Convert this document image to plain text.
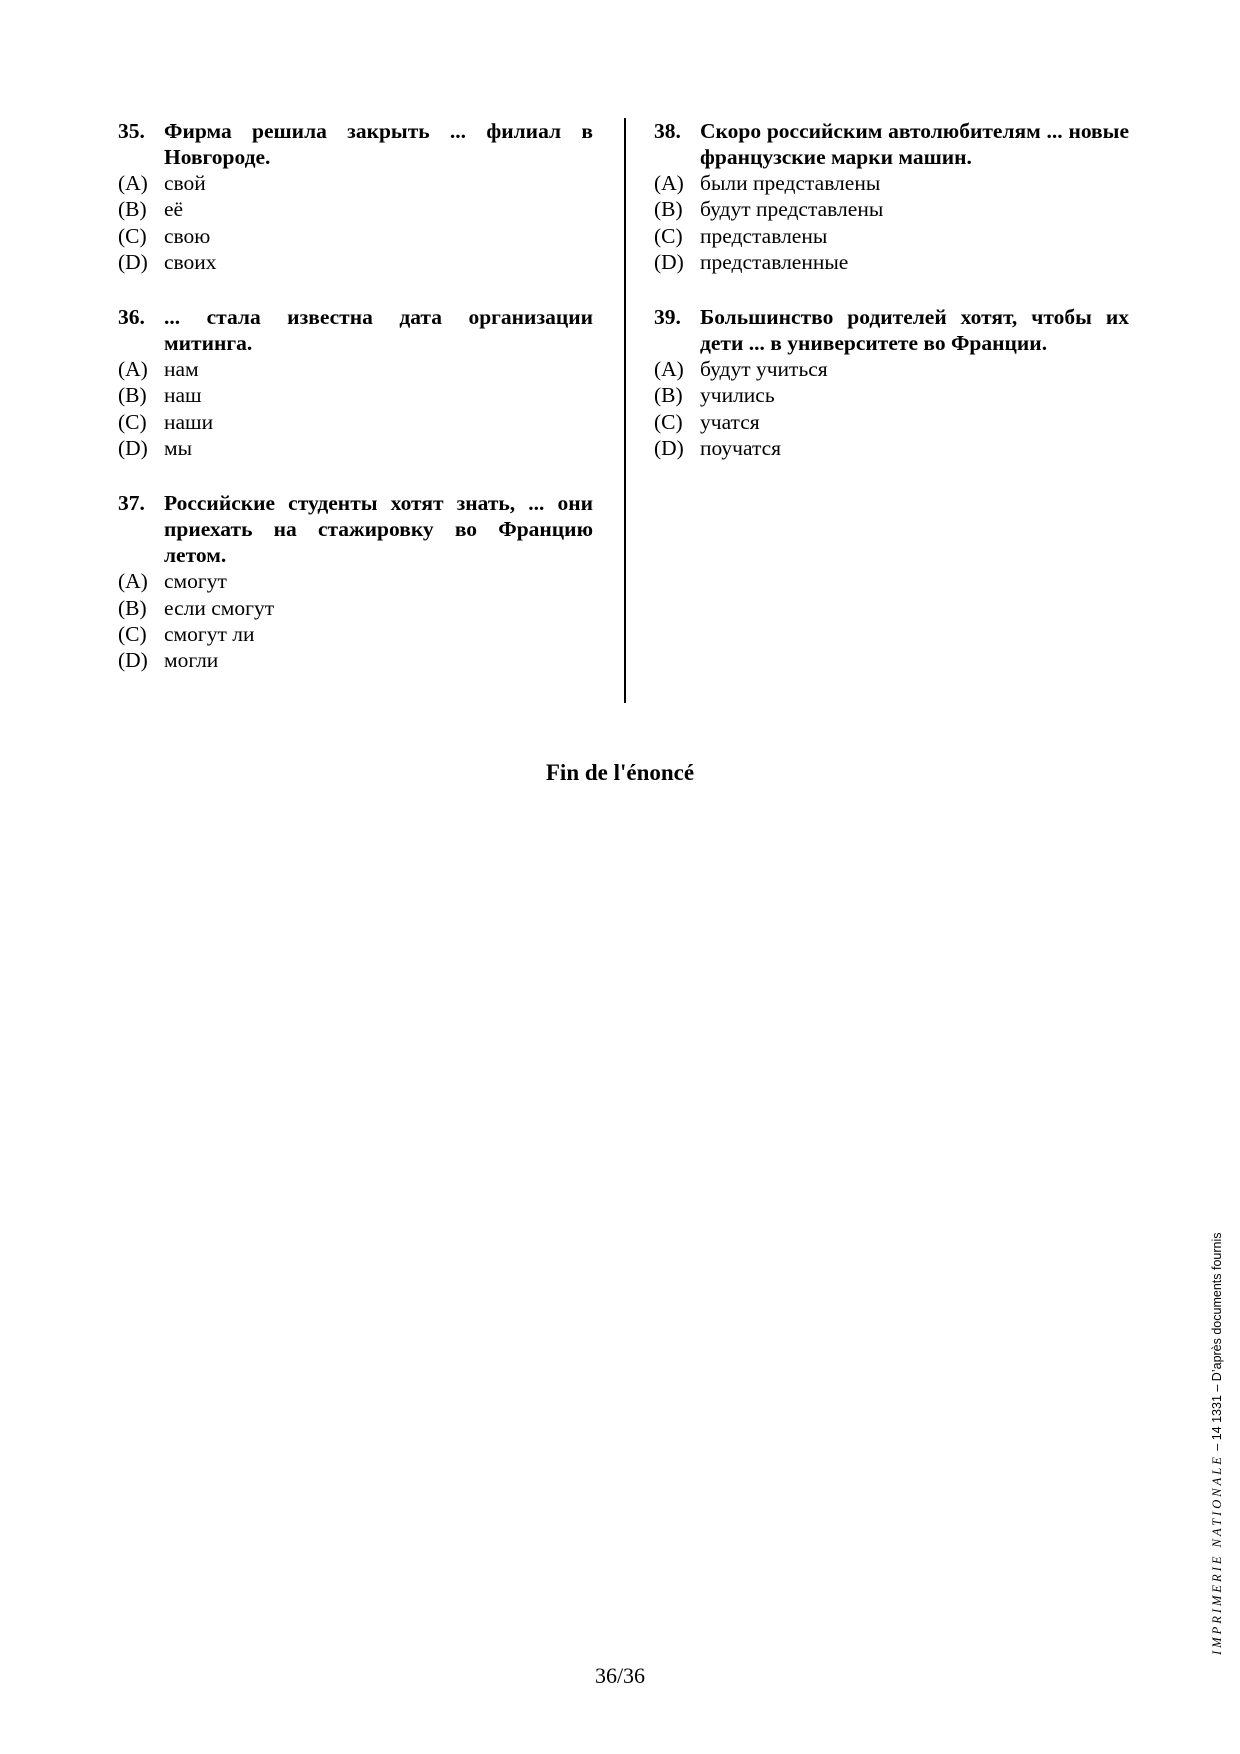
35. Фирма решила закрыть ... филиал в Новгороде.
(A) свой
(B) её
(C) свою
(D) своих
36. ... стала известна дата организации митинга.
(A) нам
(B) наш
(C) наши
(D) мы
37. Российские студенты хотят знать, ... они приехать на стажировку во Францию летом.
(A) смогут
(B) если смогут
(C) смогут ли
(D) могли
38. Скоро российским автолюбителям ... новые французские марки машин.
(A) были представлены
(B) будут представлены
(C) представлены
(D) представленные
39. Большинство родителей хотят, чтобы их дети ... в университете во Франции.
(A) будут учиться
(B) учились
(C) учатся
(D) поучатся
Fin de l'énoncé
36/36
IMPRIMERIE NATIONALE – 14 1331 – D’après documents fournis
